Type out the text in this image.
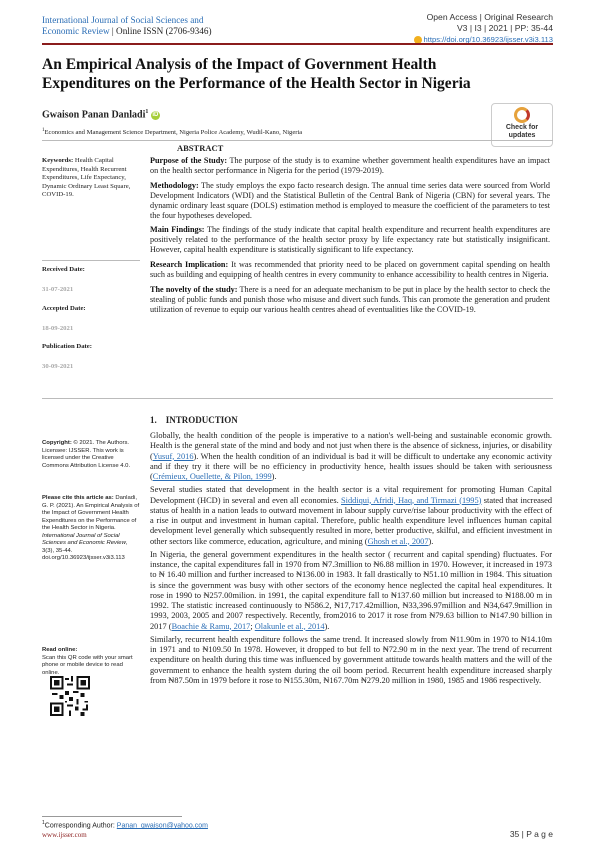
International Journal of Social Sciences and
Economic Review | Online ISSN (2706-9346)
Open Access | Original Research
V3 | I3 | 2021 | PP: 35-44
https://doi.org/10.36923/ijsser.v3i3.113
An Empirical Analysis of the Impact of Government Health Expenditures on the Performance of the Health Sector in Nigeria
Gwaison Panan Danladi$^1$ iD
$^1$Economics and Management Science Department, Nigeria Police Academy, Wudil-Kano, Nigeria
Check for
updates
Keywords: Health Capital Expenditures, Health Recurrent Expenditures, Life Expectancy, Dynamic Ordinary Least Square, COVID-19.
Received Date:
31-07-2021
Accepted Date:
18-09-2021
Publication Date:
30-09-2021
ABSTRACT

Purpose of the Study: The purpose of the study is to examine whether government health expenditures have an impact on the health sector performance in Nigeria for the period (1979-2019).

Methodology: The study employs the expo facto research design. The annual time series data were sourced from World Development Indicators (WDI) and the Statistical Bulletin of the Central Bank of Nigeria (CBN) for several years. The dynamic ordinary least square (DOLS) estimation method is employed to measure the coefficient of the parameters to test the four hypotheses developed.

Main Findings: The findings of the study indicate that capital health expenditure and recurrent health expenditures are positively related to the performance of the health sector proxy by life expectancy rate but statistically insignificant. However, capital health expenditure is statistically significant to life expectancy.

Research Implication: It was recommended that priority need to be placed on government capital spending on health such as building and equipping of health centres in every community to enhance accessibility to health centres in Nigeria.

The novelty of the study: There is a need for an adequate mechanism to be put in place by the health sector to check the stealing of public funds and punish those who misuse and divert such funds. This can promote the generation and prudent utilization of revenue to equip our various health centres ahead of eventualities like the COVID-19.

Copyright: © 2021. The Authors. Licensee: IJSSER. This work is licensed under the Creative Commons Attribution License 4.0.
Please cite this article as: Danladi, G. P. (2021). An Empirical Analysis of the Impact of Government Health Expenditures on the Performance of the Health Sector in Nigeria. International Journal of Social Sciences and Economic Review, 3(3), 35-44. doi.org/10.36923/ijsser.v3i3.113
Read online:
Scan this QR code with your smart phone or mobile device to read online.
1. INTRODUCTION

Globally, the health condition of the people is imperative to a nation's well-being and sustainable economic growth. Health is the general state of the mind and body and not just when there is the absence of sickness, injuries, or disability (Yusuf, 2016). When the health condition of an individual is bad it will be difficult to undertake any economic activity and if they try it there will be no efficiency in productivity hence, health issues should be taken with seriousness (Crémieux, Ouellette, & Pilon, 1999).

Several studies stated that development in the health sector is a vital requirement for promoting Human Capital Development (HCD) in several and even all economies. Siddiqui, Afridi, Haq, and Tirmazi (1995) stated that increased status of health in a nation leads to outward movement in labour supply curve/rise labour productivity with the effect of a rise in output and investment in human capital. Therefore, public health expenditure level influences human capital development level generally which subsequently resulted in more, better productive, skilful, and efficient investment in other sectors like commerce, education, agriculture, and mining (Ghosh et al., 2007).

In Nigeria, the general government expenditures in the health sector ( recurrent and capital spending) fluctuates. For instance, the capital expenditures fall in 1970 from ₦7.3million to ₦6.88 million in 1970. However, it increased in 1973 to ₦ 16.40 million and further increased to ₦136.00 in 1983. It fall drastically to ₦51.10 million in 1984. This situation is since the government was busy with other sectors of the economy hence neglected the capital heal expenditures. It rose in 1990 to ₦257.00milion. in 1991, the capital expenditure fall to ₦137.60 million but increased to ₦188.00 m in 1992. The statistic increased continuously to ₦586.2, ₦17,717.42million, ₦33,396.97million and ₦34,647.9million in 1993, 2003, 2005 and 2007 respectively. Recently, from2016 to 2017 it rose from ₦79.63 billion to ₦147.90 billion in 2017 (Boachie & Ramu, 2017; Olakunle et al., 2014).

Similarly, recurrent health expenditure follows the same trend. It increased slowly from ₦11.90m in 1970 to ₦14.10m in 1971 and to ₦109.50 In 1978. However, it dropped to but fell to ₦72.90 m in the next year. The trend of recurrent expenditure on health during this time was influenced by government attitude towards health matters and the will of the government to enhance the health system during the oil boom period. Recurrent health expenditure increased sharply from ₦87.50m in 1979 before it rose to ₦155.30m, ₦167.70m ₦279.20 million in 1980, 1985 and 1986 respectively.

$^1$Corresponding Author: Panan_gwaison@yahoo.com
www.ijsser.com	35 | P a g e
